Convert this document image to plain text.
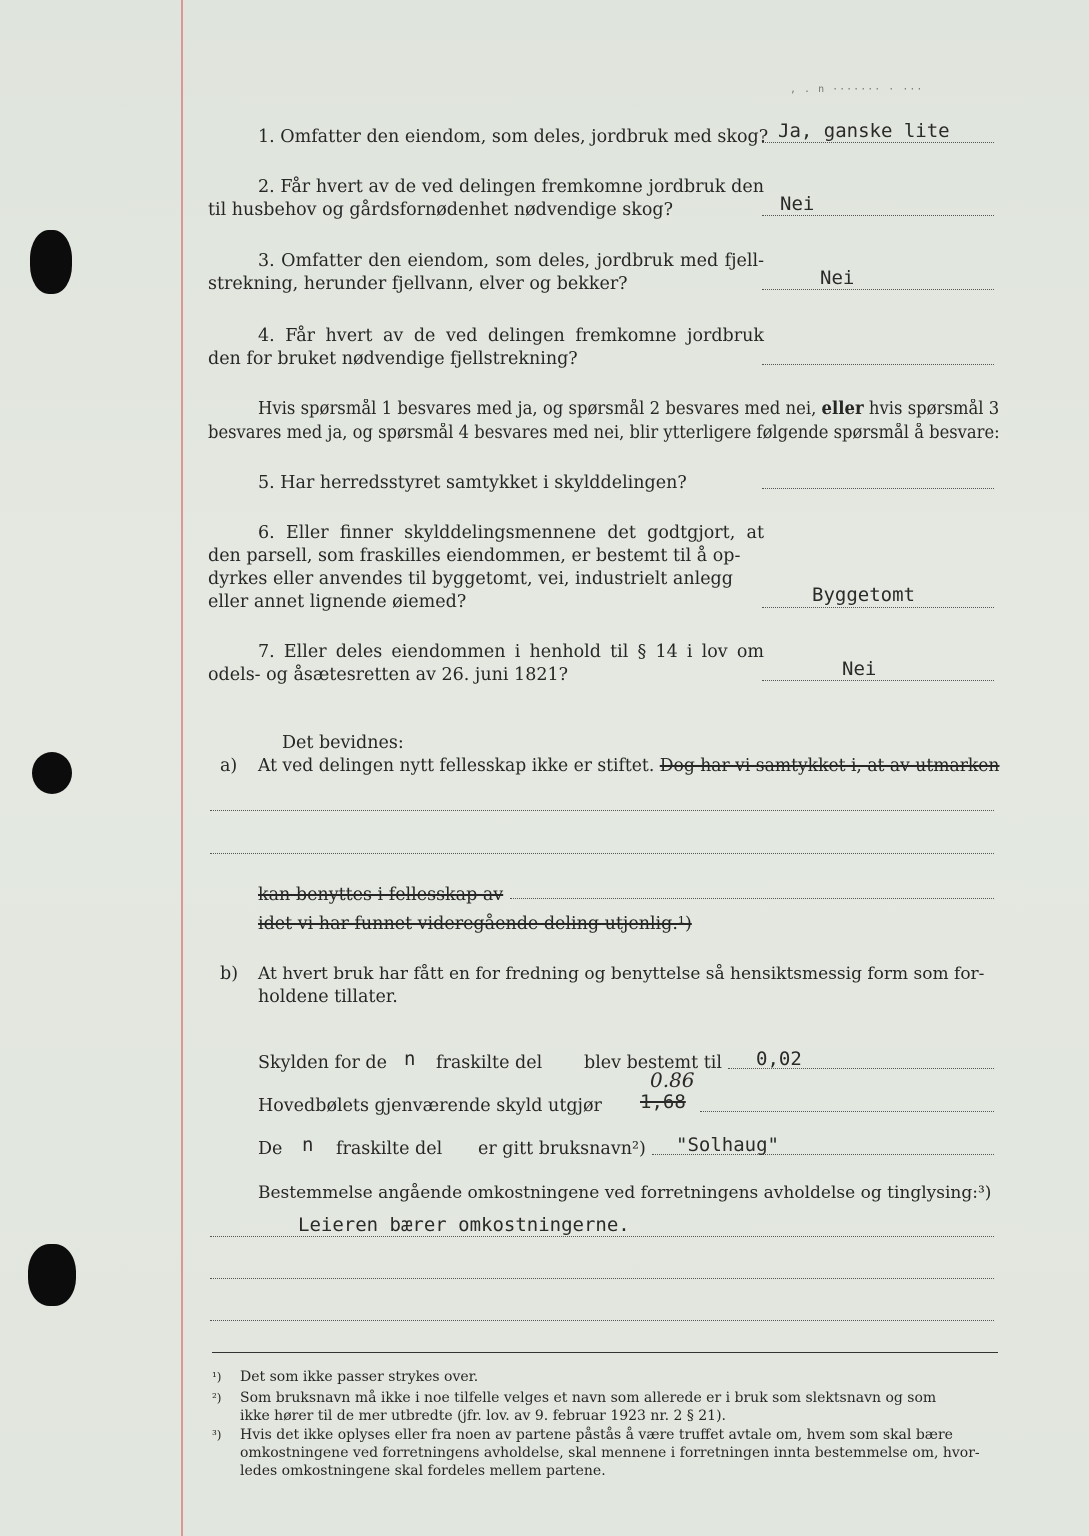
‚ . n ······· · ···
1. Omfatter den eiendom, som deles, jordbruk med skog? Ja, ganske lite
2. Får hvert av de ved delingen fremkomne jordbruk den
til husbehov og gårdsfornødenhet nødvendige skog?	Nei
3. Omfatter den eiendom, som deles, jordbruk med fjell-
strekning, herunder fjellvann, elver og bekker?	Nei
4. Får hvert av de ved delingen fremkomne jordbruk
den for bruket nødvendige fjellstrekning?
Hvis spørsmål 1 besvares med ja, og spørsmål 2 besvares med nei, eller hvis spørsmål 3
besvares med ja, og spørsmål 4 besvares med nei, blir ytterligere følgende spørsmål å besvare:
5. Har herredsstyret samtykket i skylddelingen?
6. Eller finner skylddelingsmennene det godtgjort, at
den parsell, som fraskilles eiendommen, er bestemt til å op-
dyrkes eller anvendes til byggetomt, vei, industrielt anlegg
eller annet lignende øiemed?	Byggetomt
7. Eller deles eiendommen i henhold til § 14 i lov om
odels- og åsætesretten av 26. juni 1821?	Nei
Det bevidnes:
a) At ved delingen nytt fellesskap ikke er stiftet. Dog har vi samtykket i, at av utmarken
kan benyttes i fellesskap av
idet vi har funnet videregående deling utjenlig.¹)
b) At hvert bruk har fått en for fredning og benyttelse så hensiktsmessig form som for-
holdene tillater.
Skylden for de n fraskilte del blev bestemt til 0,02
Hovedbølets gjenværende skyld utgjør 1,68
0.86
De n fraskilte del er gitt bruksnavn²) "Solhaug"
Bestemmelse angående omkostningene ved forretningens avholdelse og tinglysing:³)
Leieren bærer omkostningerne.
¹) Det som ikke passer strykes over.
²) Som bruksnavn må ikke i noe tilfelle velges et navn som allerede er i bruk som slektsnavn og som
ikke hører til de mer utbredte (jfr. lov. av 9. februar 1923 nr. 2 § 21).
³) Hvis det ikke oplyses eller fra noen av partene påstås å være truffet avtale om, hvem som skal bære
omkostningene ved forretningens avholdelse, skal mennene i forretningen innta bestemmelse om, hvor-
ledes omkostningene skal fordeles mellem partene.
